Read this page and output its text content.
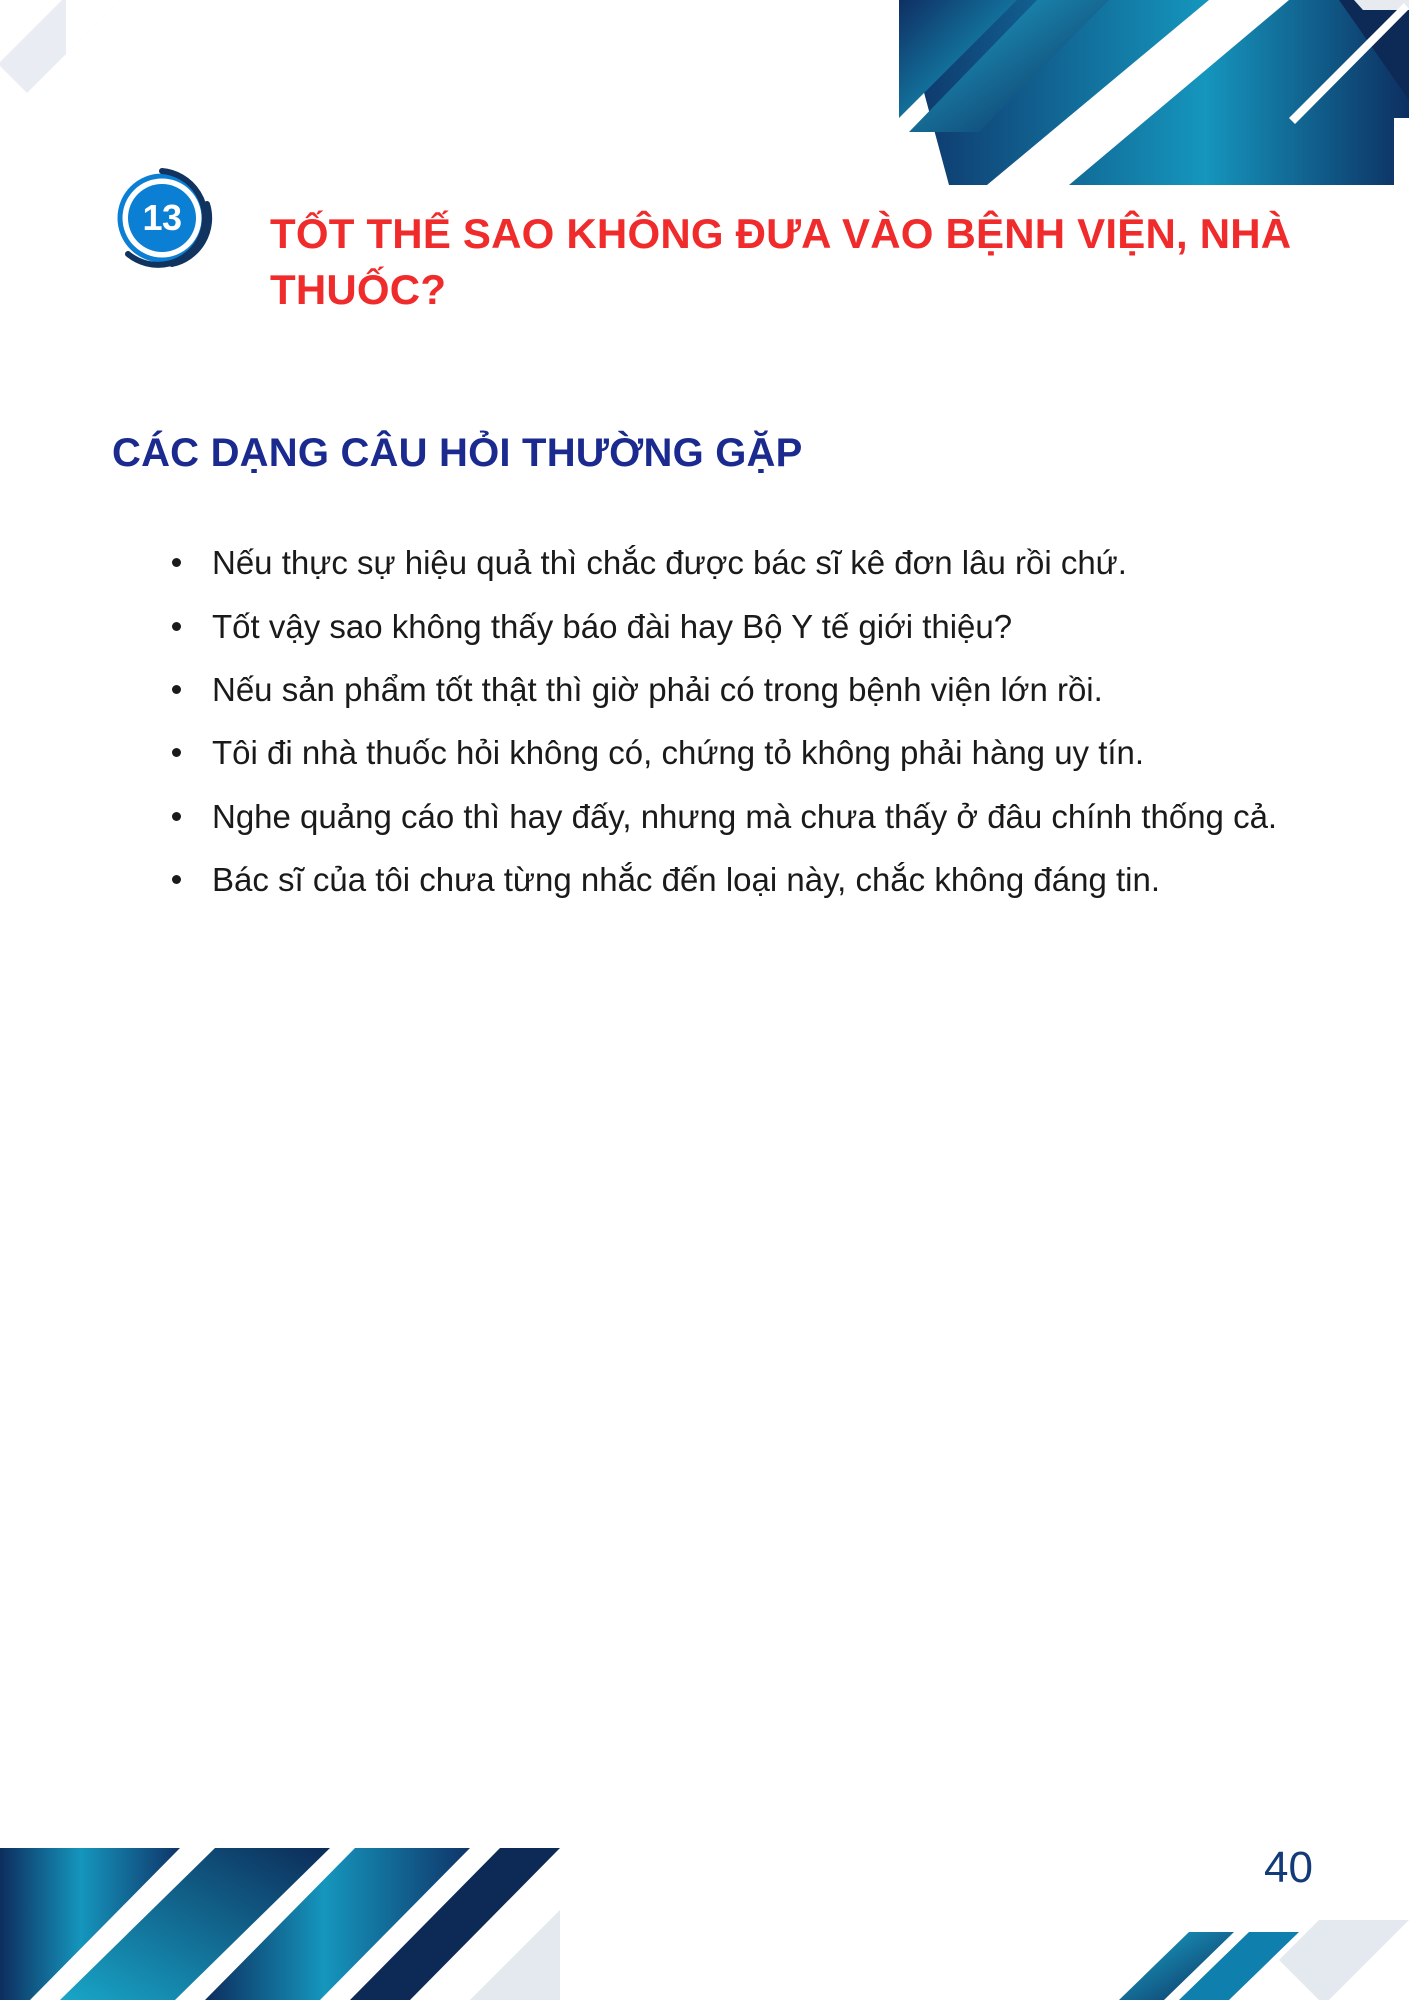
13	TỐT THẾ SAO KHÔNG ĐƯA VÀO BỆNH VIỆN, NHÀ THUỐC?
CÁC DẠNG CÂU HỎI THƯỜNG GẶP
Nếu thực sự hiệu quả thì chắc được bác sĩ kê đơn lâu rồi chứ.
Tốt vậy sao không thấy báo đài hay Bộ Y tế giới thiệu?
Nếu sản phẩm tốt thật thì giờ phải có trong bệnh viện lớn rồi.
Tôi đi nhà thuốc hỏi không có, chứng tỏ không phải hàng uy tín.
Nghe quảng cáo thì hay đấy, nhưng mà chưa thấy ở đâu chính thống cả.
Bác sĩ của tôi chưa từng nhắc đến loại này, chắc không đáng tin.
40
